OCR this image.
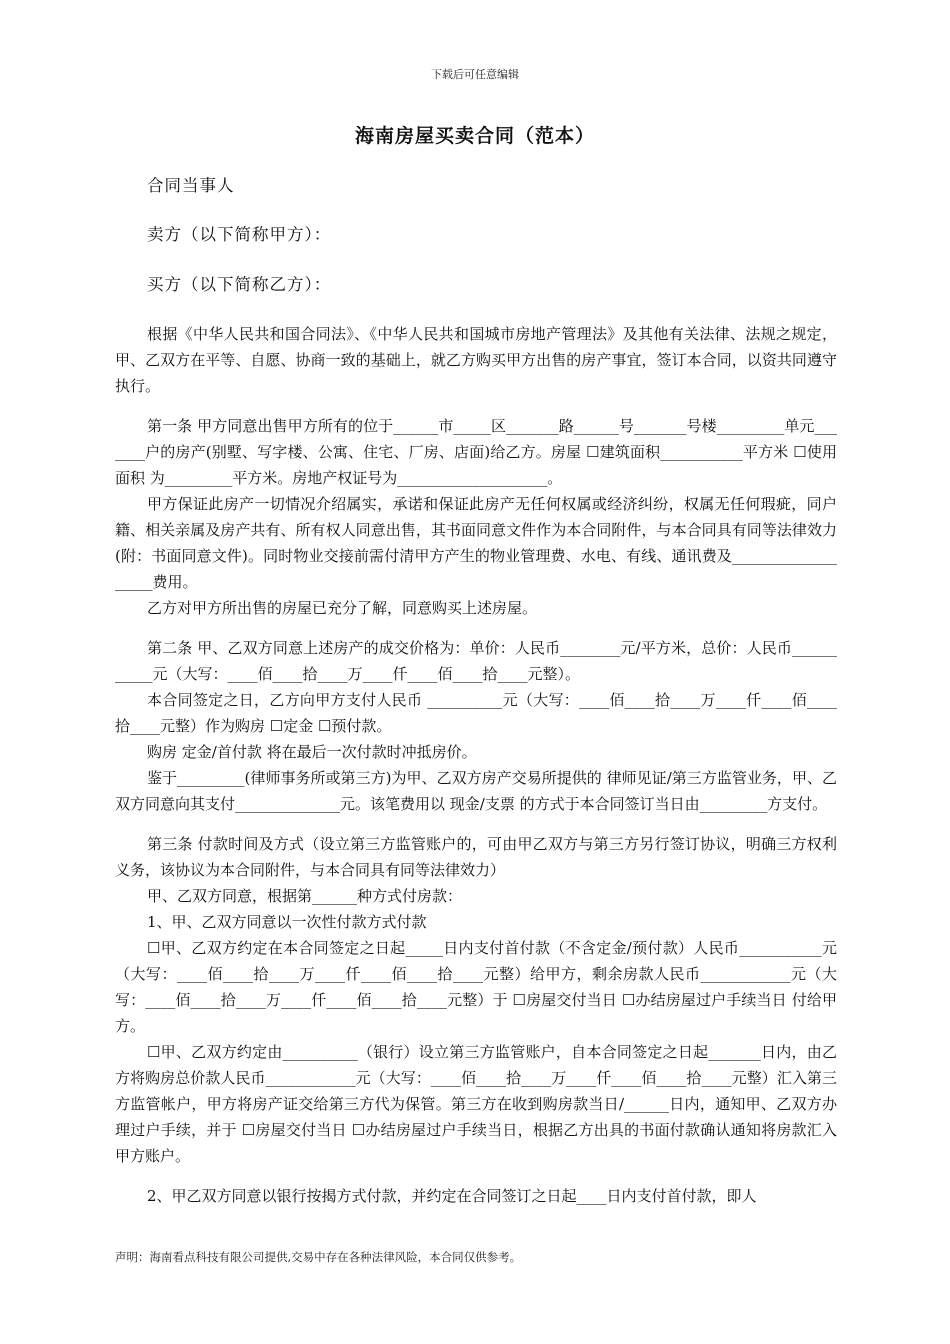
下载后可任意编辑
海南房屋买卖合同（范本）
合同当事人
卖方（以下简称甲方）：
买方（以下简称乙方）：

根据《中华人民共和国合同法》、《中华人民共和国城市房地产管理法》及其他有关法律、法规之规定，甲、乙双方在平等、自愿、协商一致的基础上，就乙方购买甲方出售的房产事宜，签订本合同，以资共同遵守执行。

第一条 甲方同意出售甲方所有的位于______市_____区_______路______号_______号楼_________单元_______户的房产(别墅、写字楼、公寓、住宅、厂房、店面)给乙方。房屋 ☐建筑面积___________平方米 ☐使用面积 为_________平方米。房地产权证号为____________________。

甲方保证此房产一切情况介绍属实，承诺和保证此房产无任何权属或经济纠纷，权属无任何瑕疵，同户籍、相关亲属及房产共有、所有权人同意出售，其书面同意文件作为本合同附件，与本合同具有同等法律效力(附：书面同意文件)。同时物业交接前需付清甲方产生的物业管理费、水电、有线、通讯费及___________________费用。

乙方对甲方所出售的房屋已充分了解，同意购买上述房屋。

第二条 甲、乙双方同意上述房产的成交价格为：单价：人民币________元/平方米，总价：人民币___________元（大写：____佰____拾____万____仟____佰____拾____元整）。

本合同签定之日，乙方向甲方支付人民币 __________元（大写：____佰____拾____万____仟____佰____拾____元整）作为购房 ☐定金 ☐预付款。

购房 定金/首付款 将在最后一次付款时冲抵房价。

鉴于_________(律师事务所或第三方)为甲、乙双方房产交易所提供的 律师见证/第三方监管业务，甲、乙双方同意向其支付______________元。该笔费用以 现金/支票 的方式于本合同签订当日由_________方支付。

第三条 付款时间及方式（设立第三方监管账户的，可由甲乙双方与第三方另行签订协议，明确三方权利义务，该协议为本合同附件，与本合同具有同等法律效力）

甲、乙双方同意，根据第______种方式付房款：

1、甲、乙双方同意以一次性付款方式付款

☐甲、乙双方约定在本合同签定之日起_____日内支付首付款（不含定金/预付款）人民币___________元（大写：____佰____拾____万____仟____佰____拾____元整）给甲方，剩余房款人民币____________元（大写：____佰____拾____万____仟____佰____拾____元整）于 ☐房屋交付当日 ☐办结房屋过户手续当日 付给甲方。

☐甲、乙双方约定由__________（银行）设立第三方监管账户，自本合同签定之日起_______日内，由乙方将购房总价款人民币____________元（大写：____佰____拾____万____仟____佰____拾____元整）汇入第三方监管帐户，甲方将房产证交给第三方代为保管。第三方在收到购房款当日/______日内，通知甲、乙双方办理过户手续，并于 ☐房屋交付当日 ☐办结房屋过户手续当日，根据乙方出具的书面付款确认通知将房款汇入甲方账户。

2、甲乙双方同意以银行按揭方式付款，并约定在合同签订之日起____日内支付首付款，即人

声明：海南看点科技有限公司提供,交易中存在各种法律风险，本合同仅供参考。
